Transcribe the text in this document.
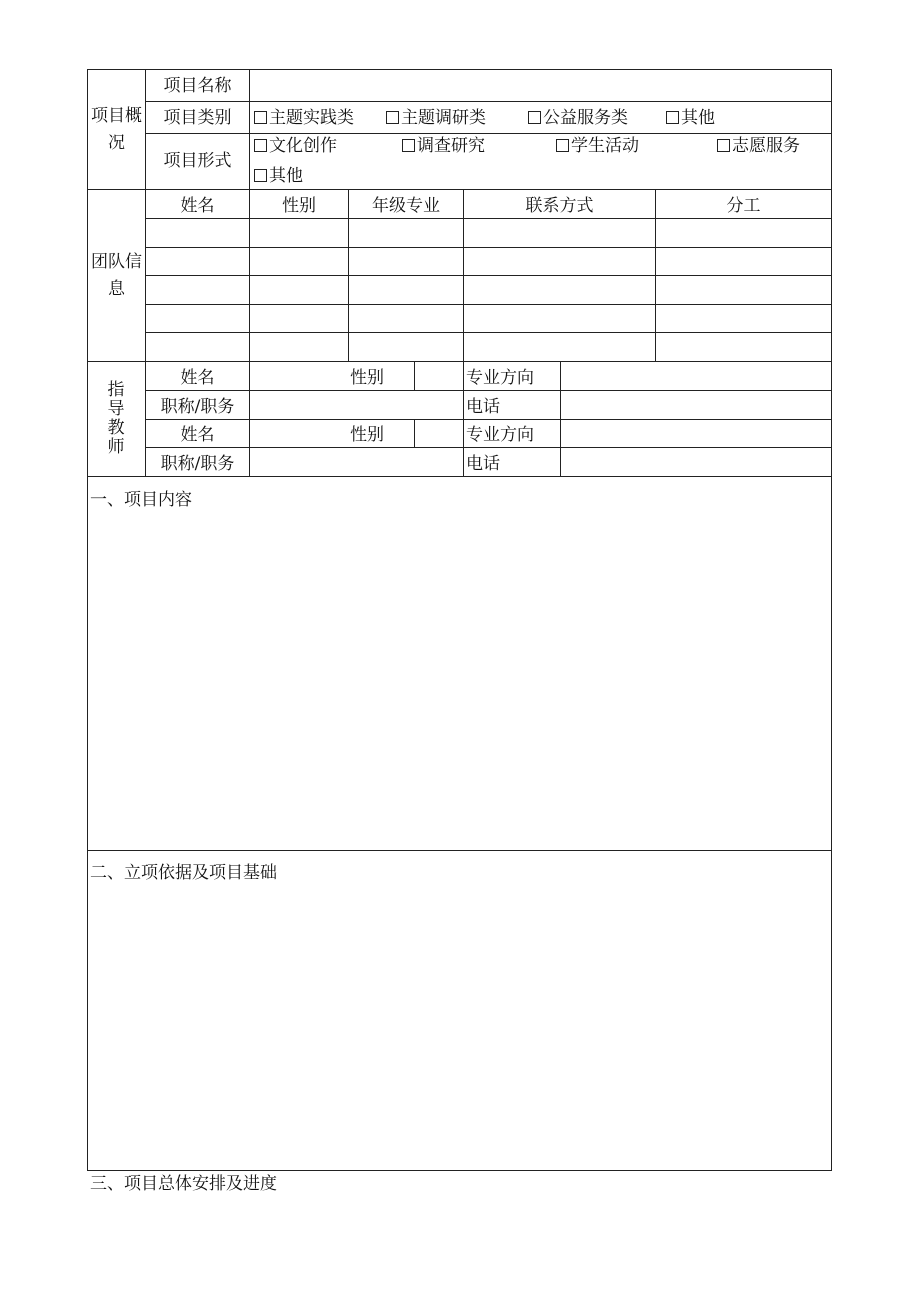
项目概况
项目名称
项目类别	主题实践类	主题调研类	公益服务类	其他
项目形式
文化创作	调查研究	学生活动	志愿服务
其他
团队信息
姓名	性别	年级专业	联系方式	分工
指导教师
姓名	性别	专业方向
职称/职务	电话
姓名	性别	专业方向
职称/职务	电话
一、项目内容
二、立项依据及项目基础
三、项目总体安排及进度
